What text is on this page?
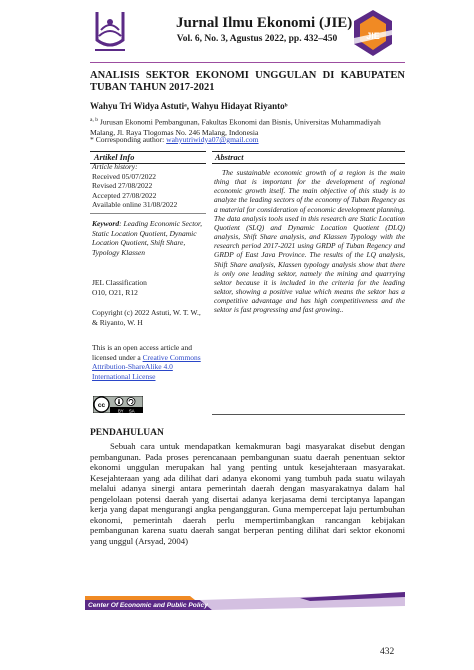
Jurnal Ilmu Ekonomi (JIE)
Vol. 6, No. 3, Agustus 2022, pp. 432–450	JIE
ANALISIS SEKTOR EKONOMI UNGGULAN DI KABUPATEN
TUBAN TAHUN 2017-2021
Wahyu Tri Widya Astutiᵃ, Wahyu Hidayat Riyantoᵇ
$^{a, b}$ Jurusan Ekonomi Pembangunan, Fakultas Ekonomi dan Bisnis, Universitas Muhammadiyah
Malang, Jl. Raya Tlogomas No. 246 Malang, Indonesia
* Corresponding author: wahyutriwidya07@gmail.com
Artikel Info	Abstract
Article history:
Received 05/07/2022
Revised 27/08/2022
Accepted 27/08/2022
Available online 31/08/2022
Keyword: Leading Economic Sector, Static Location Quotient, Dynamic Location Quotient, Shift Share, Typology Klassen
JEL Classification
O10, O21, R12
Copyright (c) 2022 Astuti, W. T. W., & Riyanto, W. H
This is an open access article and licensed under a Creative Commons Attribution-ShareAlike 4.0 International License
cc
BY SA
The sustainable economic growth of a region is the main thing that is important for the development of regional economic growth itself. The main objective of this study is to analyze the leading sectors of the economy of Tuban Regency as a material for consideration of economic development planning. The data analysis tools used in this research are Static Location Quotient (SLQ) and Dynamic Location Quotient (DLQ) analysis, Shift Share analysis, and Klassen Typology with the research period 2017-2021 using GRDP of Tuban Regency and GRDP of East Java Province. The results of the LQ analysis, Shift Share analysis, Klassen typology analysis show that there is only one leading sektor, namely the mining and quarrying sektor because it is included in the criteria for the leading sektor, showing a positive value which means the sektor has a competitive advantage and has high competitiveness and the sektor is fast progressing and fast growing..
PENDAHULUAN
Sebuah cara untuk mendapatkan kemakmuran bagi masyarakat disebut dengan pembangunan. Pada proses perencanaan pembangunan suatu daerah penentuan sektor ekonomi unggulan merupakan hal yang penting untuk kesejahteraan masyarakat. Kesejahteraan yang ada dilihat dari adanya ekonomi yang tumbuh pada suatu wilayah melalui adanya sinergi antara pemerintah daerah dengan masyarakatnya dalam hal pengelolaan potensi daerah yang disertai adanya kerjasama demi terciptanya lapangan kerja yang dapat mengurangi angka pengangguran. Guna mempercepat laju pertumbuhan ekonomi, pemerintah daerah perlu mempertimbangkan rancangan kebijakan pembangunan karena suatu daerah sangat berperan penting dilihat dari sektor ekonomi yang unggul (Arsyad, 2004)
Center Of Economic and Public Policy
432
